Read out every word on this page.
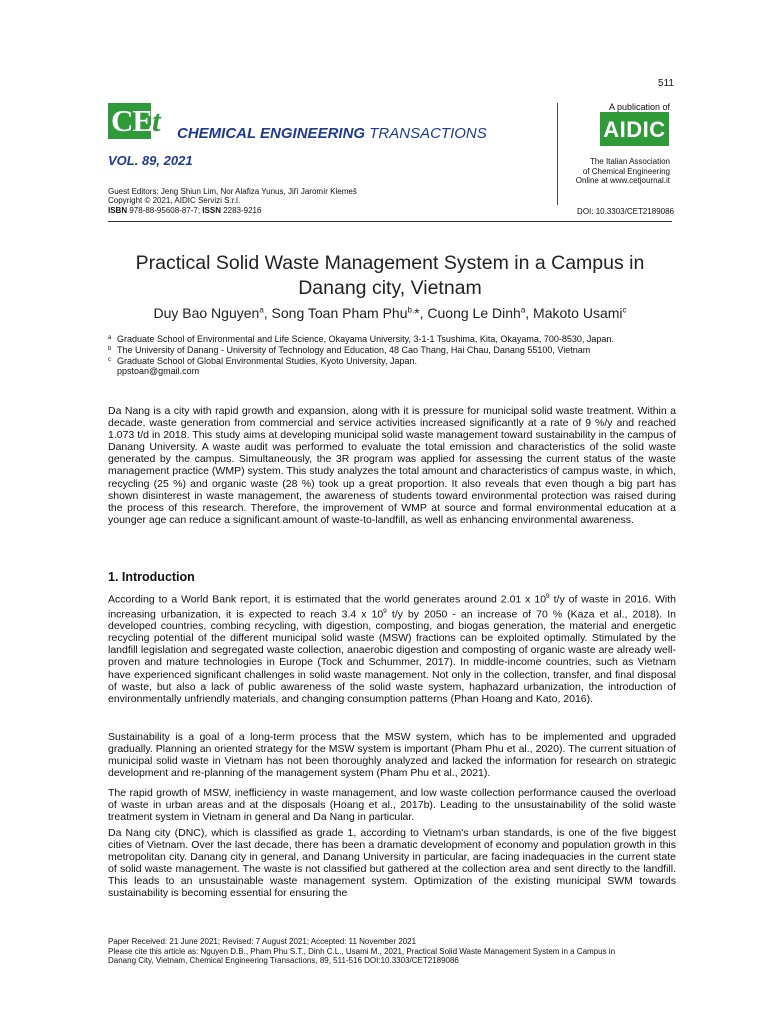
511
CE t CHEMICAL ENGINEERING TRANSACTIONS
VOL. 89, 2021
A publication of
AIDIC
The Italian Association
of Chemical Engineering
Online at www.cetjournal.it
Guest Editors: Jeng Shiun Lim, Nor Alafiza Yunus, Jiří Jaromír Klemeš
Copyright © 2021, AIDIC Servizi S.r.l.
ISBN 978-88-95608-87-7; ISSN 2283-9216	DOI: 10.3303/CET2189086
Practical Solid Waste Management System in a Campus in
Danang city, Vietnam
Duy Bao Nguyen$^a$, Song Toan Pham Phu$^{b,}$*, Cuong Le Dinh$^a$, Makoto Usami$^c$
a Graduate School of Environmental and Life Science, Okayama University, 3-1-1 Tsushima, Kita, Okayama, 700-8530, Japan.
b The University of Danang - University of Technology and Education, 48 Cao Thang, Hai Chau, Danang 55100, Vietnam
c Graduate School of Global Environmental Studies, Kyoto University, Japan.
ppstoan@gmail.com
Da Nang is a city with rapid growth and expansion, along with it is pressure for municipal solid waste treatment. Within a decade, waste generation from commercial and service activities increased significantly at a rate of 9 %/y and reached 1.073 t/d in 2018. This study aims at developing municipal solid waste management toward sustainability in the campus of Danang University. A waste audit was performed to evaluate the total emission and characteristics of the solid waste generated by the campus. Simultaneously, the 3R program was applied for assessing the current status of the waste management practice (WMP) system. This study analyzes the total amount and characteristics of campus waste, in which, recycling (25 %) and organic waste (28 %) took up a great proportion. It also reveals that even though a big part has shown disinterest in waste management, the awareness of students toward environmental protection was raised during the process of this research. Therefore, the improvement of WMP at source and formal environmental education at a younger age can reduce a significant amount of waste-to-landfill, as well as enhancing environmental awareness.
1. Introduction
According to a World Bank report, it is estimated that the world generates around 2.01 x $10^9$ t/y of waste in 2016. With increasing urbanization, it is expected to reach 3.4 x $10^9$ t/y by 2050 - an increase of 70 % (Kaza et al., 2018). In developed countries, combing recycling, with digestion, composting, and biogas generation, the material and energetic recycling potential of the different municipal solid waste (MSW) fractions can be exploited optimally. Stimulated by the landfill legislation and segregated waste collection, anaerobic digestion and composting of organic waste are already well-proven and mature technologies in Europe (Tock and Schummer, 2017). In middle-income countries, such as Vietnam have experienced significant challenges in solid waste management. Not only in the collection, transfer, and final disposal of waste, but also a lack of public awareness of the solid waste system, haphazard urbanization, the introduction of environmentally unfriendly materials, and changing consumption patterns (Phan Hoang and Kato, 2016).
Sustainability is a goal of a long-term process that the MSW system, which has to be implemented and upgraded gradually. Planning an oriented strategy for the MSW system is important (Pham Phu et al., 2020). The current situation of municipal solid waste in Vietnam has not been thoroughly analyzed and lacked the information for research on strategic development and re-planning of the management system (Pham Phu et al., 2021).
The rapid growth of MSW, inefficiency in waste management, and low waste collection performance caused the overload of waste in urban areas and at the disposals (Hoang et al., 2017b). Leading to the unsustainability of the solid waste treatment system in Vietnam in general and Da Nang in particular.
Da Nang city (DNC), which is classified as grade 1, according to Vietnam's urban standards, is one of the five biggest cities of Vietnam. Over the last decade, there has been a dramatic development of economy and population growth in this metropolitan city. Danang city in general, and Danang University in particular, are facing inadequacies in the current state of solid waste management. The waste is not classified but gathered at the collection area and sent directly to the landfill. This leads to an unsustainable waste management system. Optimization of the existing municipal SWM towards sustainability is becoming essential for ensuring the
Paper Received: 21 June 2021; Revised: 7 August 2021; Accepted: 11 November 2021
Please cite this article as: Nguyen D.B., Pham Phu S.T., Dinh C.L., Usami M., 2021, Practical Solid Waste Management System in a Campus in
Danang City, Vietnam, Chemical Engineering Transactions, 89, 511-516 DOI:10.3303/CET2189086
